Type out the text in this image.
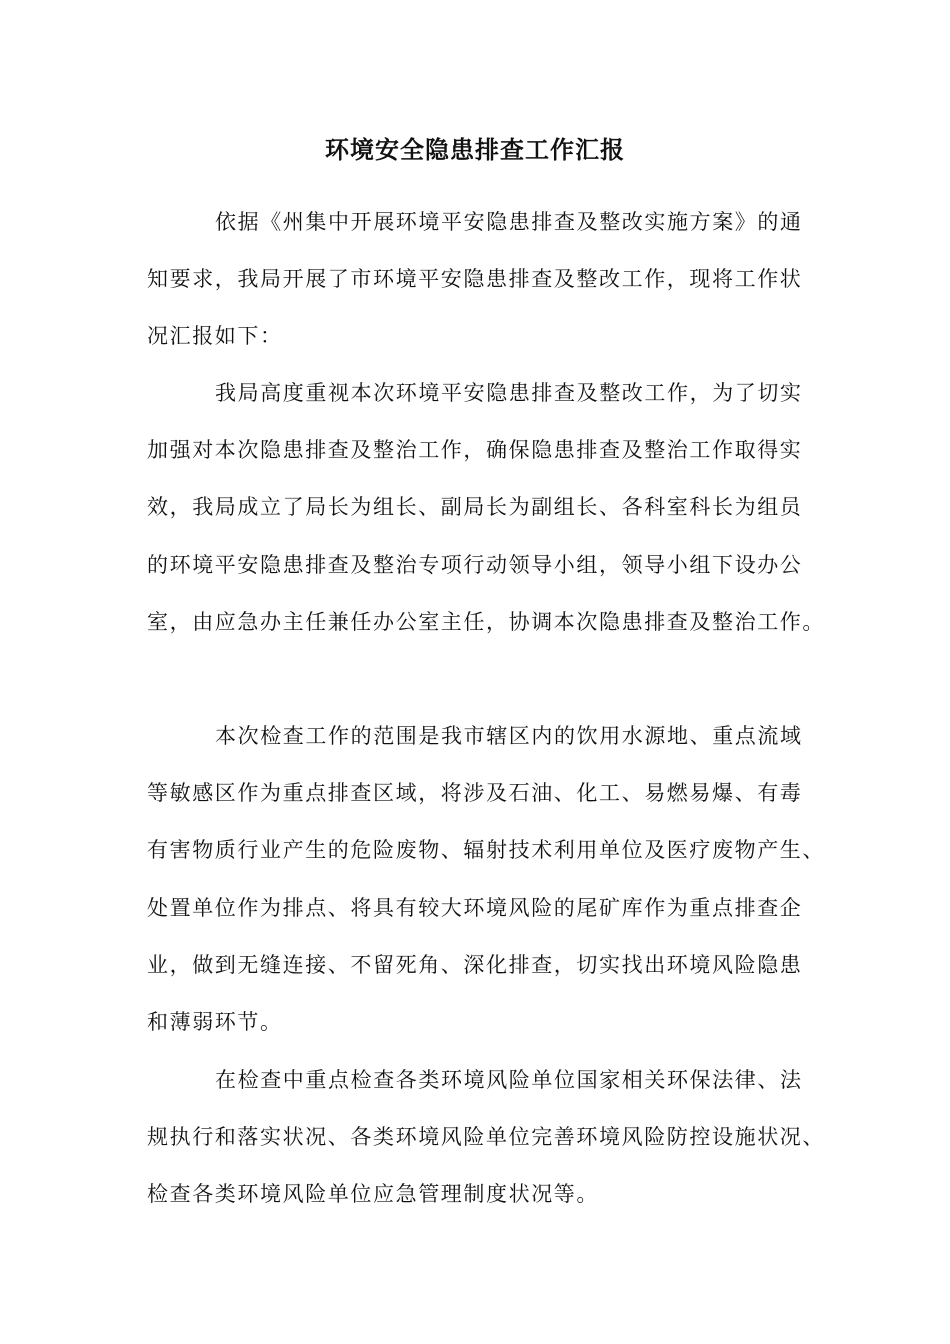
环境安全隐患排查工作汇报
依据《州集中开展环境平安隐患排查及整改实施方案》的通
知要求，我局开展了市环境平安隐患排查及整改工作，现将工作状
况汇报如下：
我局高度重视本次环境平安隐患排查及整改工作，为了切实
加强对本次隐患排查及整治工作，确保隐患排查及整治工作取得实
效，我局成立了局长为组长、副局长为副组长、各科室科长为组员
的环境平安隐患排查及整治专项行动领导小组，领导小组下设办公
室，由应急办主任兼任办公室主任，协调本次隐患排查及整治工作。
本次检查工作的范围是我市辖区内的饮用水源地、重点流域
等敏感区作为重点排查区域，将涉及石油、化工、易燃易爆、有毒
有害物质行业产生的危险废物、辐射技术利用单位及医疗废物产生、
处置单位作为排点、将具有较大环境风险的尾矿库作为重点排查企
业，做到无缝连接、不留死角、深化排查，切实找出环境风险隐患
和薄弱环节。
在检查中重点检查各类环境风险单位国家相关环保法律、法
规执行和落实状况、各类环境风险单位完善环境风险防控设施状况、
检查各类环境风险单位应急管理制度状况等。
